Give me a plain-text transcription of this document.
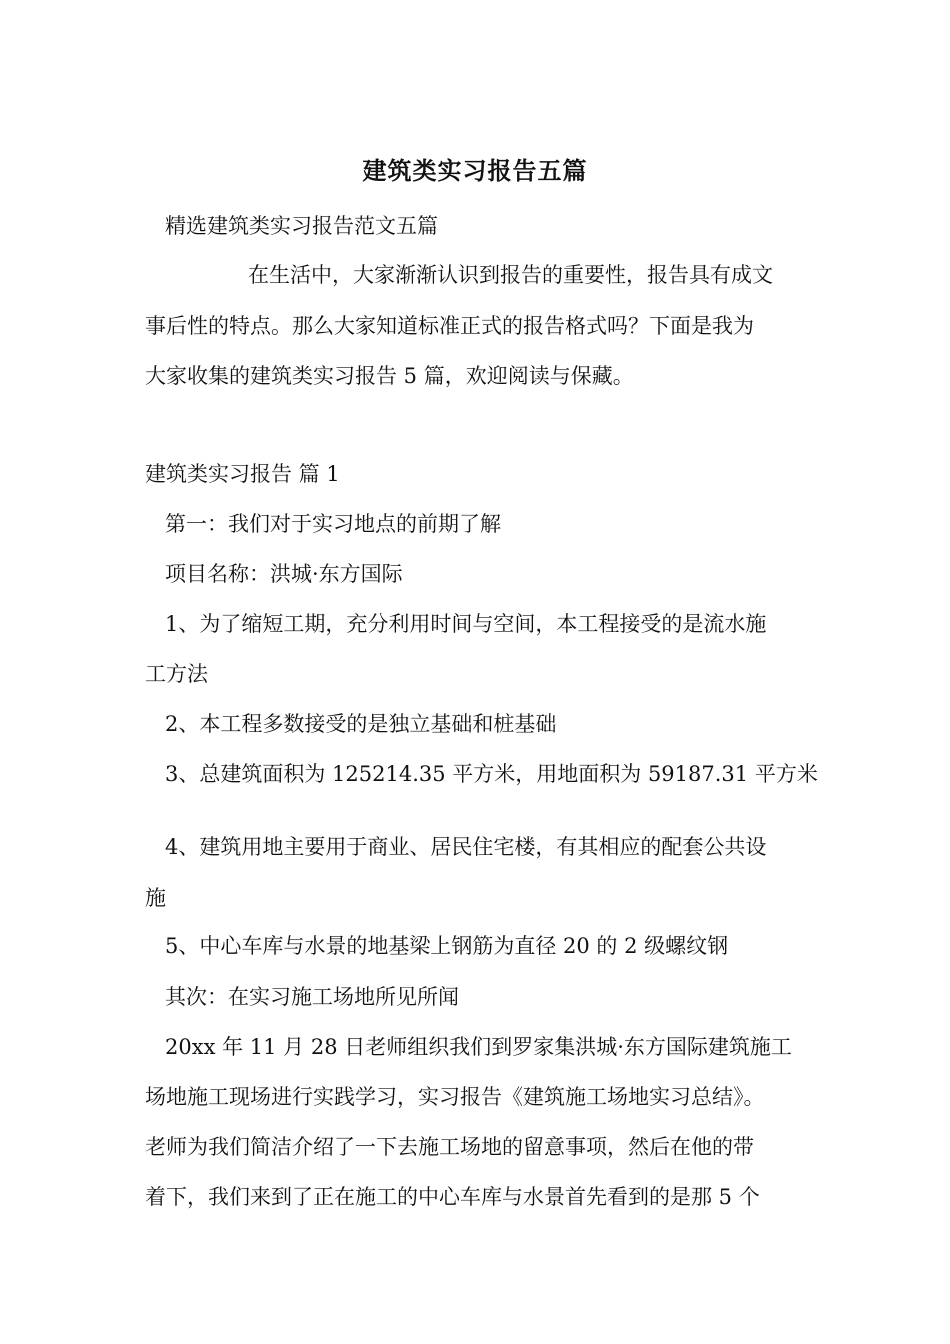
建筑类实习报告五篇
精选建筑类实习报告范文五篇
在生活中，大家渐渐认识到报告的重要性，报告具有成文
事后性的特点。那么大家知道标准正式的报告格式吗？下面是我为
大家收集的建筑类实习报告 5 篇，欢迎阅读与保藏。
建筑类实习报告 篇 1
第一：我们对于实习地点的前期了解
项目名称：洪城·东方国际
1、为了缩短工期，充分利用时间与空间，本工程接受的是流水施
工方法
2、本工程多数接受的是独立基础和桩基础
3、总建筑面积为 125214.35 平方米，用地面积为 59187.31 平方米
4、建筑用地主要用于商业、居民住宅楼，有其相应的配套公共设
施
5、中心车库与水景的地基梁上钢筋为直径 20 的 2 级螺纹钢
其次：在实习施工场地所见所闻
20xx 年 11 月 28 日老师组织我们到罗家集洪城·东方国际建筑施工
场地施工现场进行实践学习，实习报告《建筑施工场地实习总结》。
老师为我们简洁介绍了一下去施工场地的留意事项，然后在他的带
着下，我们来到了正在施工的中心车库与水景首先看到的是那 5 个
